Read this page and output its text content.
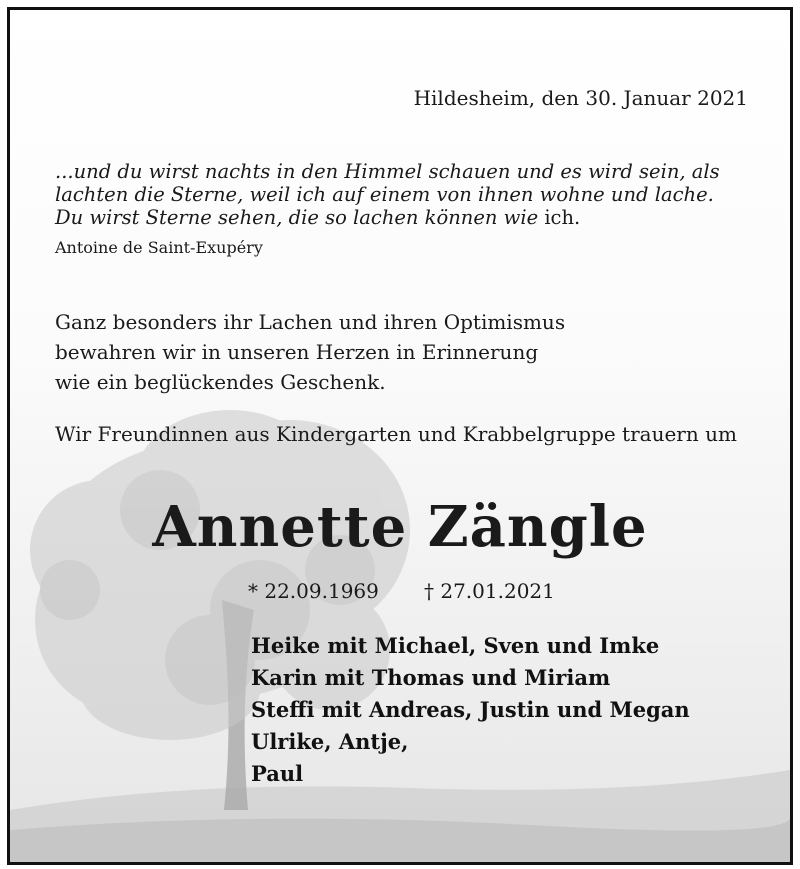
Hildesheim, den 30. Januar 2021
...und du wirst nachts in den Himmel schauen und es wird sein, als
lachten die Sterne, weil ich auf einem von ihnen wohne und lache.
Du wirst Sterne sehen, die so lachen können wie ich.
Antoine de Saint-Exupéry
Ganz besonders ihr Lachen und ihren Optimismus
bewahren wir in unseren Herzen in Erinnerung
wie ein beglückendes Geschenk.
Wir Freundinnen aus Kindergarten und Krabbelgruppe trauern um
Annette Zängle
* 22.09.1969 † 27.01.2021
Heike mit Michael, Sven und Imke
Karin mit Thomas und Miriam
Steffi mit Andreas, Justin und Megan
Ulrike, Antje,
Paul
